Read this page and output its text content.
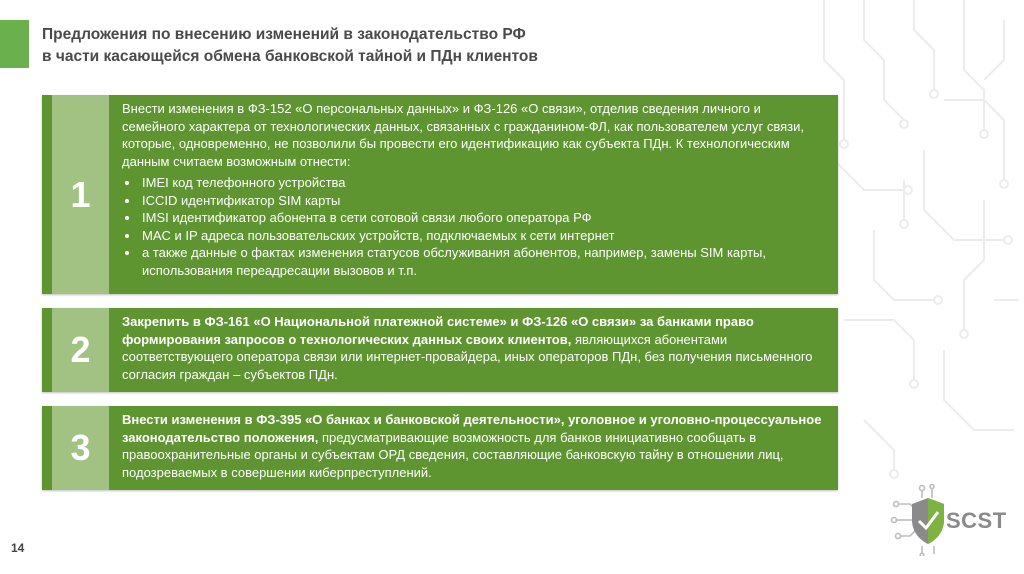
Предложения по внесению изменений в законодательство РФ
в части касающейся обмена банковской тайной и ПДн клиентов
1

Внести изменения в ФЗ-152 «О персональных данных» и ФЗ-126 «О связи», отделив сведения личного и семейного характера от технологических данных, связанных с гражданином-ФЛ, как пользователем услуг связи, которые, одновременно, не позволили бы провести его идентификацию как субъекта ПДн. К технологическим данным считаем возможным отнести:

IMEI код телефонного устройства
ICCID идентификатор SIM карты
IMSI идентификатор абонента в сети сотовой связи любого оператора РФ
MAC и IP адреса пользовательских устройств, подключаемых к сети интернет
а также данные о фактах изменения статусов обслуживания абонентов, например, замены SIM карты, использования переадресации вызовов и т.п.
2

Закрепить в ФЗ-161 «О Национальной платежной системе» и ФЗ-126 «О связи» за банками право формирования запросов о технологических данных своих клиентов, являющихся абонентами соответствующего оператора связи или интернет-провайдера, иных операторов ПДн, без получения письменного согласия граждан – субъектов ПДн.

3

Внести изменения в ФЗ-395 «О банках и банковской деятельности», уголовное и уголовно-процессуальное законодательство положения, предусматривающие возможность для банков инициативно сообщать в правоохранительные органы и субъектам ОРД сведения, составляющие банковскую тайну в отношении лиц, подозреваемых в совершении киберпреступлений.

14
SCST
